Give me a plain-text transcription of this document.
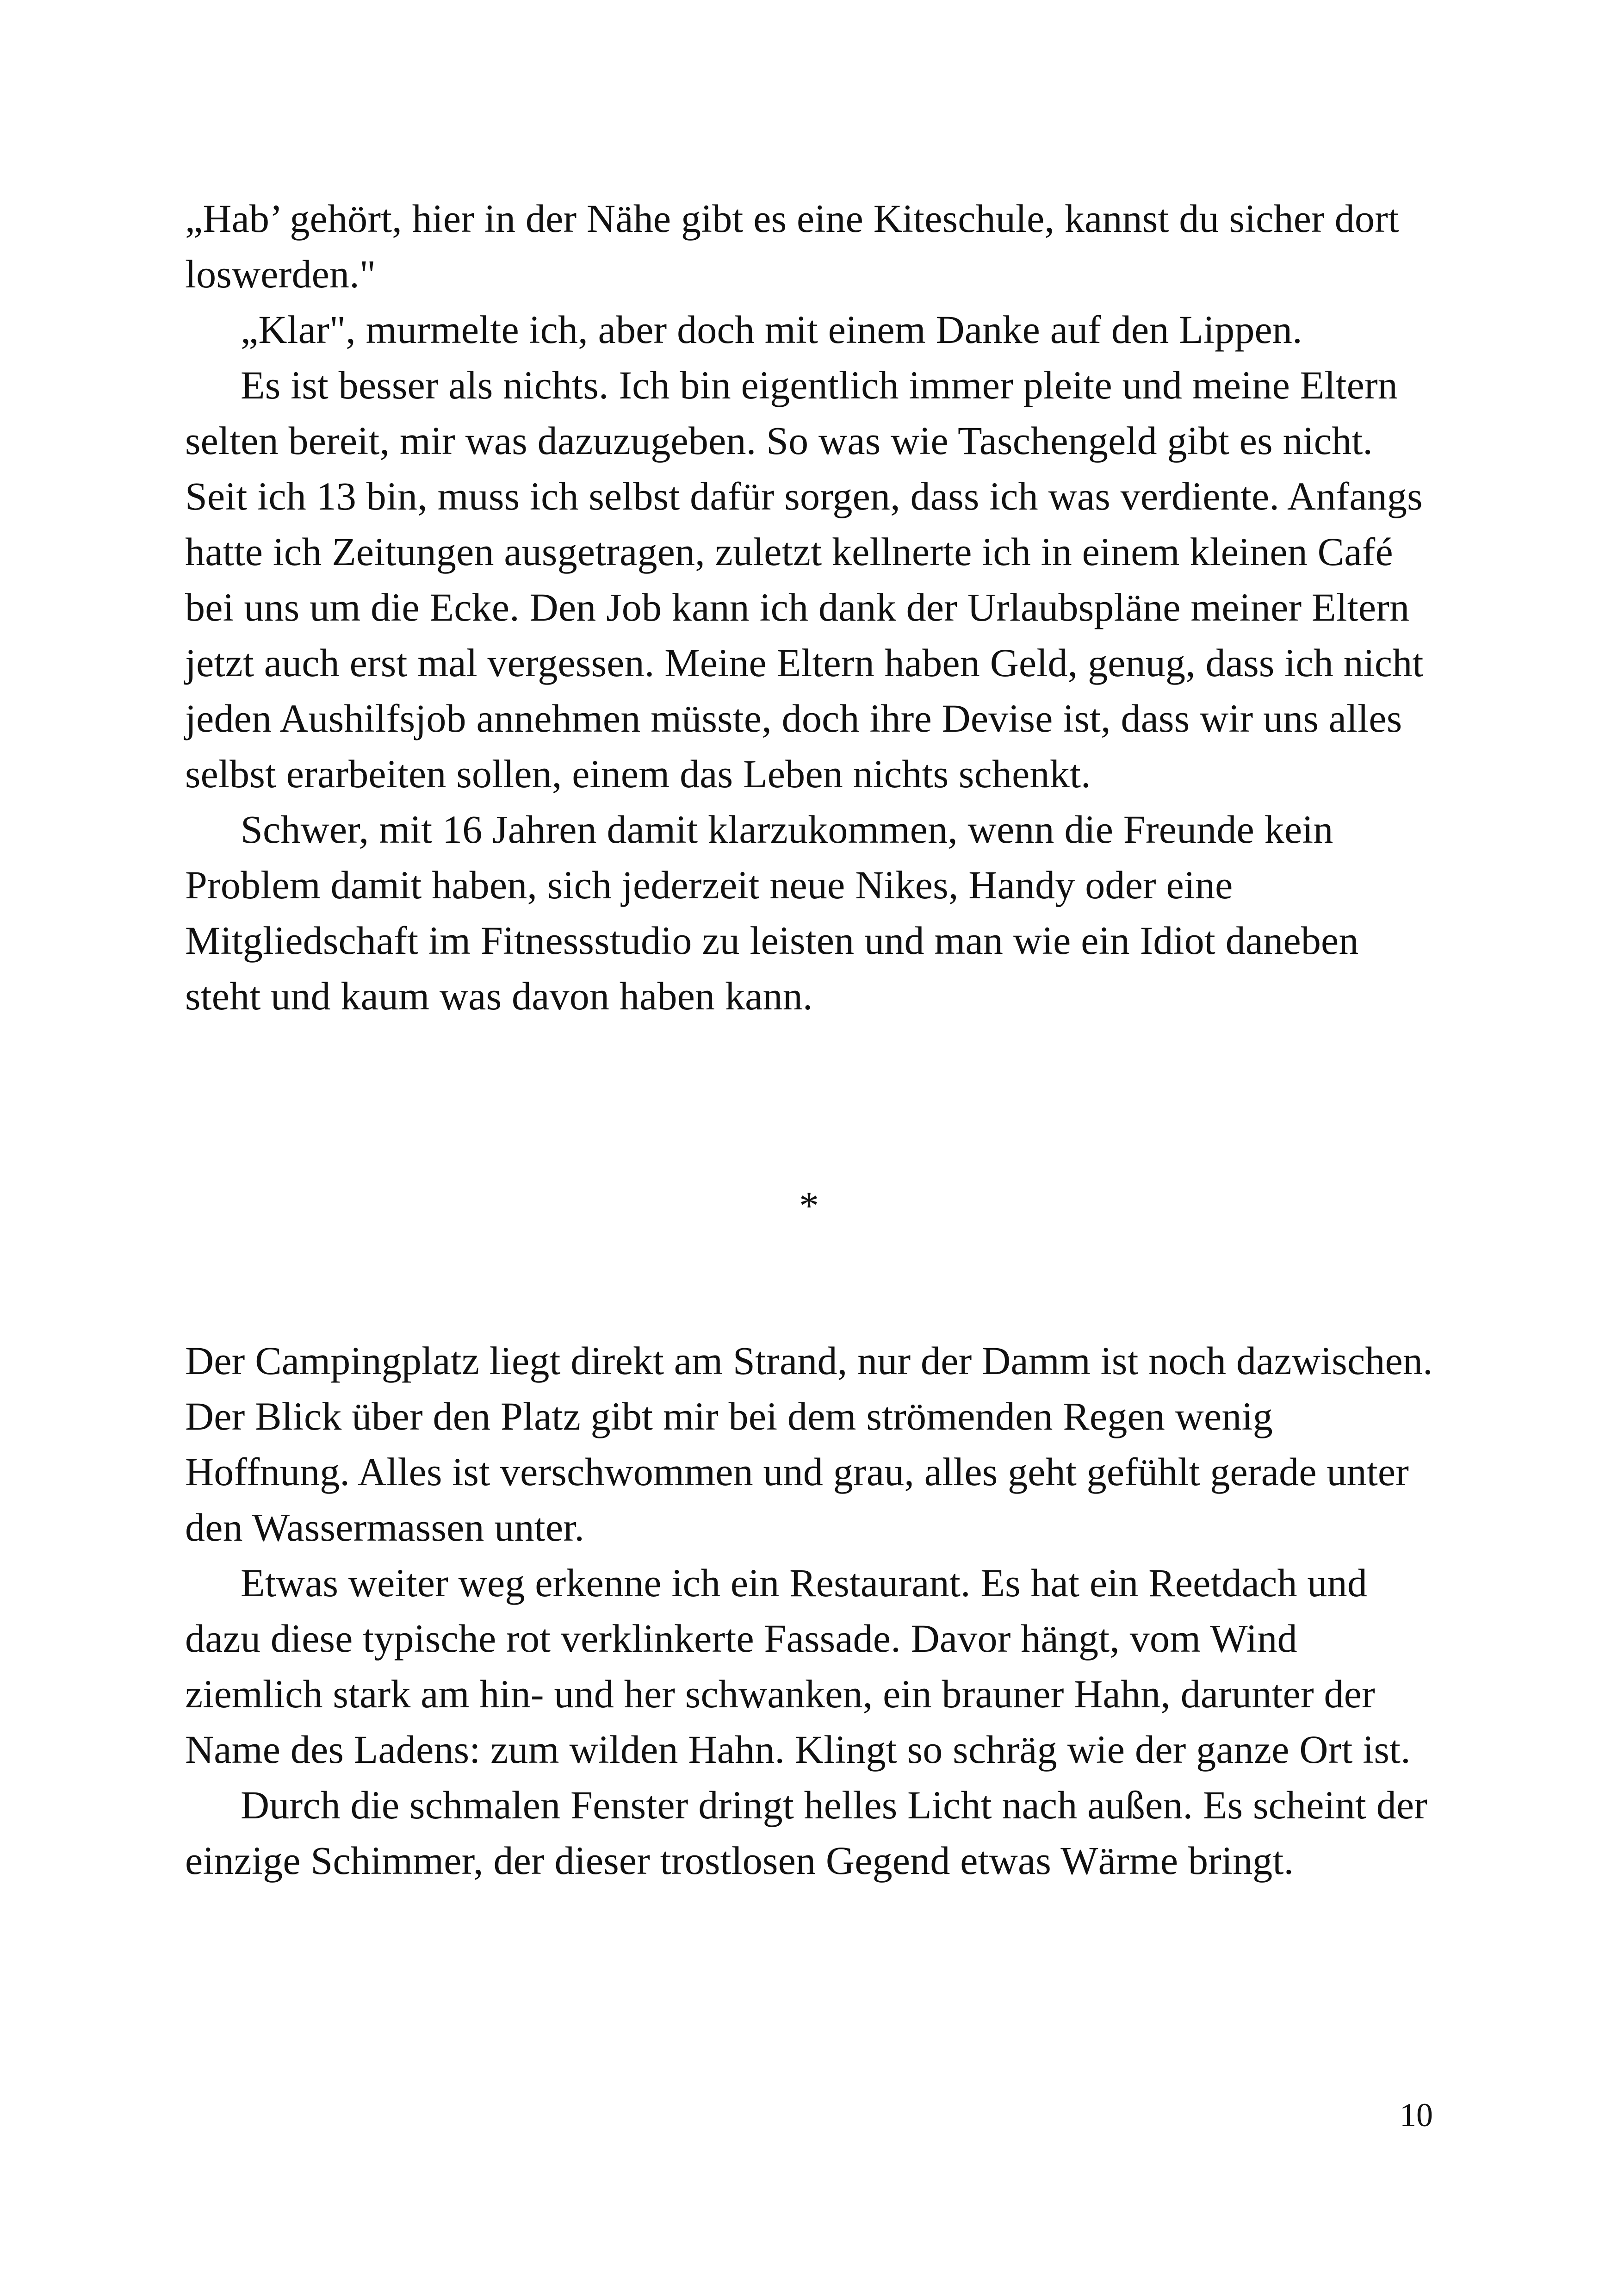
„Hab’ gehört, hier in der Nähe gibt es eine Kiteschule, kannst du sicher dort loswerden."

„Klar", murmelte ich, aber doch mit einem Danke auf den Lippen.

Es ist besser als nichts. Ich bin eigentlich immer pleite und meine Eltern selten bereit, mir was dazuzugeben. So was wie Taschengeld gibt es nicht. Seit ich 13 bin, muss ich selbst dafür sorgen, dass ich was verdiente. Anfangs hatte ich Zeitungen ausgetragen, zuletzt kellnerte ich in einem kleinen Café bei uns um die Ecke. Den Job kann ich dank der Urlaubspläne meiner Eltern jetzt auch erst mal vergessen. Meine Eltern haben Geld, genug, dass ich nicht jeden Aushilfsjob annehmen müsste, doch ihre Devise ist, dass wir uns alles selbst erarbeiten sollen, einem das Leben nichts schenkt.

Schwer, mit 16 Jahren damit klarzukommen, wenn die Freunde kein Problem damit haben, sich jederzeit neue Nikes, Handy oder eine Mitgliedschaft im Fitnessstudio zu leisten und man wie ein Idiot daneben steht und kaum was davon haben kann.

*

Der Campingplatz liegt direkt am Strand, nur der Damm ist noch dazwischen. Der Blick über den Platz gibt mir bei dem strömenden Regen wenig Hoffnung. Alles ist verschwommen und grau, alles geht gefühlt gerade unter den Wassermassen unter.

Etwas weiter weg erkenne ich ein Restaurant. Es hat ein Reetdach und dazu diese typische rot verklinkerte Fassade. Davor hängt, vom Wind ziemlich stark am hin- und her schwanken, ein brauner Hahn, darunter der Name des Ladens: zum wilden Hahn. Klingt so schräg wie der ganze Ort ist.

Durch die schmalen Fenster dringt helles Licht nach außen. Es scheint der einzige Schimmer, der dieser trostlosen Gegend etwas Wärme bringt.

10
